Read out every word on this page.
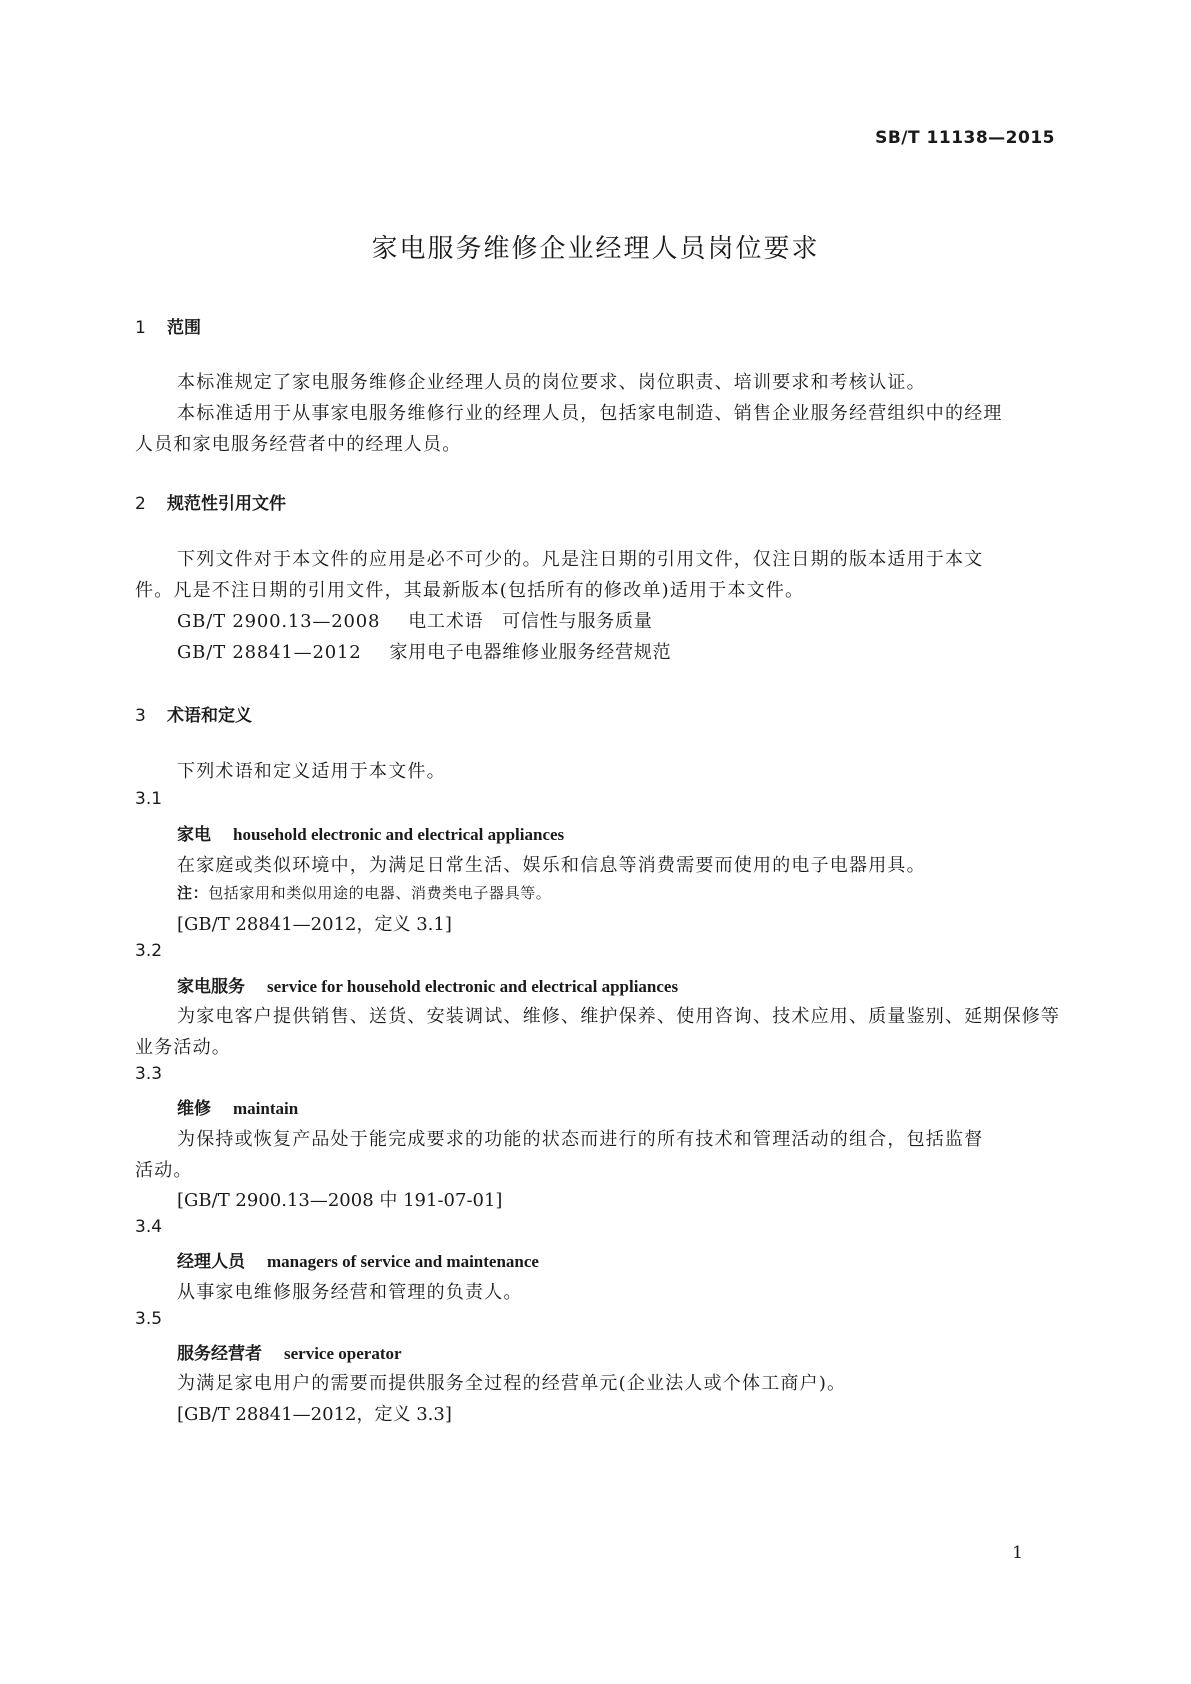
SB/T 11138—2015
家电服务维修企业经理人员岗位要求
1 范围
本标准规定了家电服务维修企业经理人员的岗位要求、岗位职责、培训要求和考核认证。
本标准适用于从事家电服务维修行业的经理人员，包括家电制造、销售企业服务经营组织中的经理
人员和家电服务经营者中的经理人员。
2 规范性引用文件
下列文件对于本文件的应用是必不可少的。凡是注日期的引用文件，仅注日期的版本适用于本文
件。凡是不注日期的引用文件，其最新版本(包括所有的修改单)适用于本文件。
GB/T 2900.13—2008 电工术语　可信性与服务质量
GB/T 28841—2012 家用电子电器维修业服务经营规范
3 术语和定义
下列术语和定义适用于本文件。
3.1
家电 household electronic and electrical appliances
在家庭或类似环境中，为满足日常生活、娱乐和信息等消费需要而使用的电子电器用具。
注：包括家用和类似用途的电器、消费类电子器具等。
[GB/T 28841—2012，定义 3.1]
3.2
家电服务 service for household electronic and electrical appliances
为家电客户提供销售、送货、安装调试、维修、维护保养、使用咨询、技术应用、质量鉴别、延期保修等
业务活动。
3.3
维修 maintain
为保持或恢复产品处于能完成要求的功能的状态而进行的所有技术和管理活动的组合，包括监督
活动。
[GB/T 2900.13—2008 中 191-07-01]
3.4
经理人员 managers of service and maintenance
从事家电维修服务经营和管理的负责人。
3.5
服务经营者 service operator
为满足家电用户的需要而提供服务全过程的经营单元(企业法人或个体工商户)。
[GB/T 28841—2012，定义 3.3]
1
